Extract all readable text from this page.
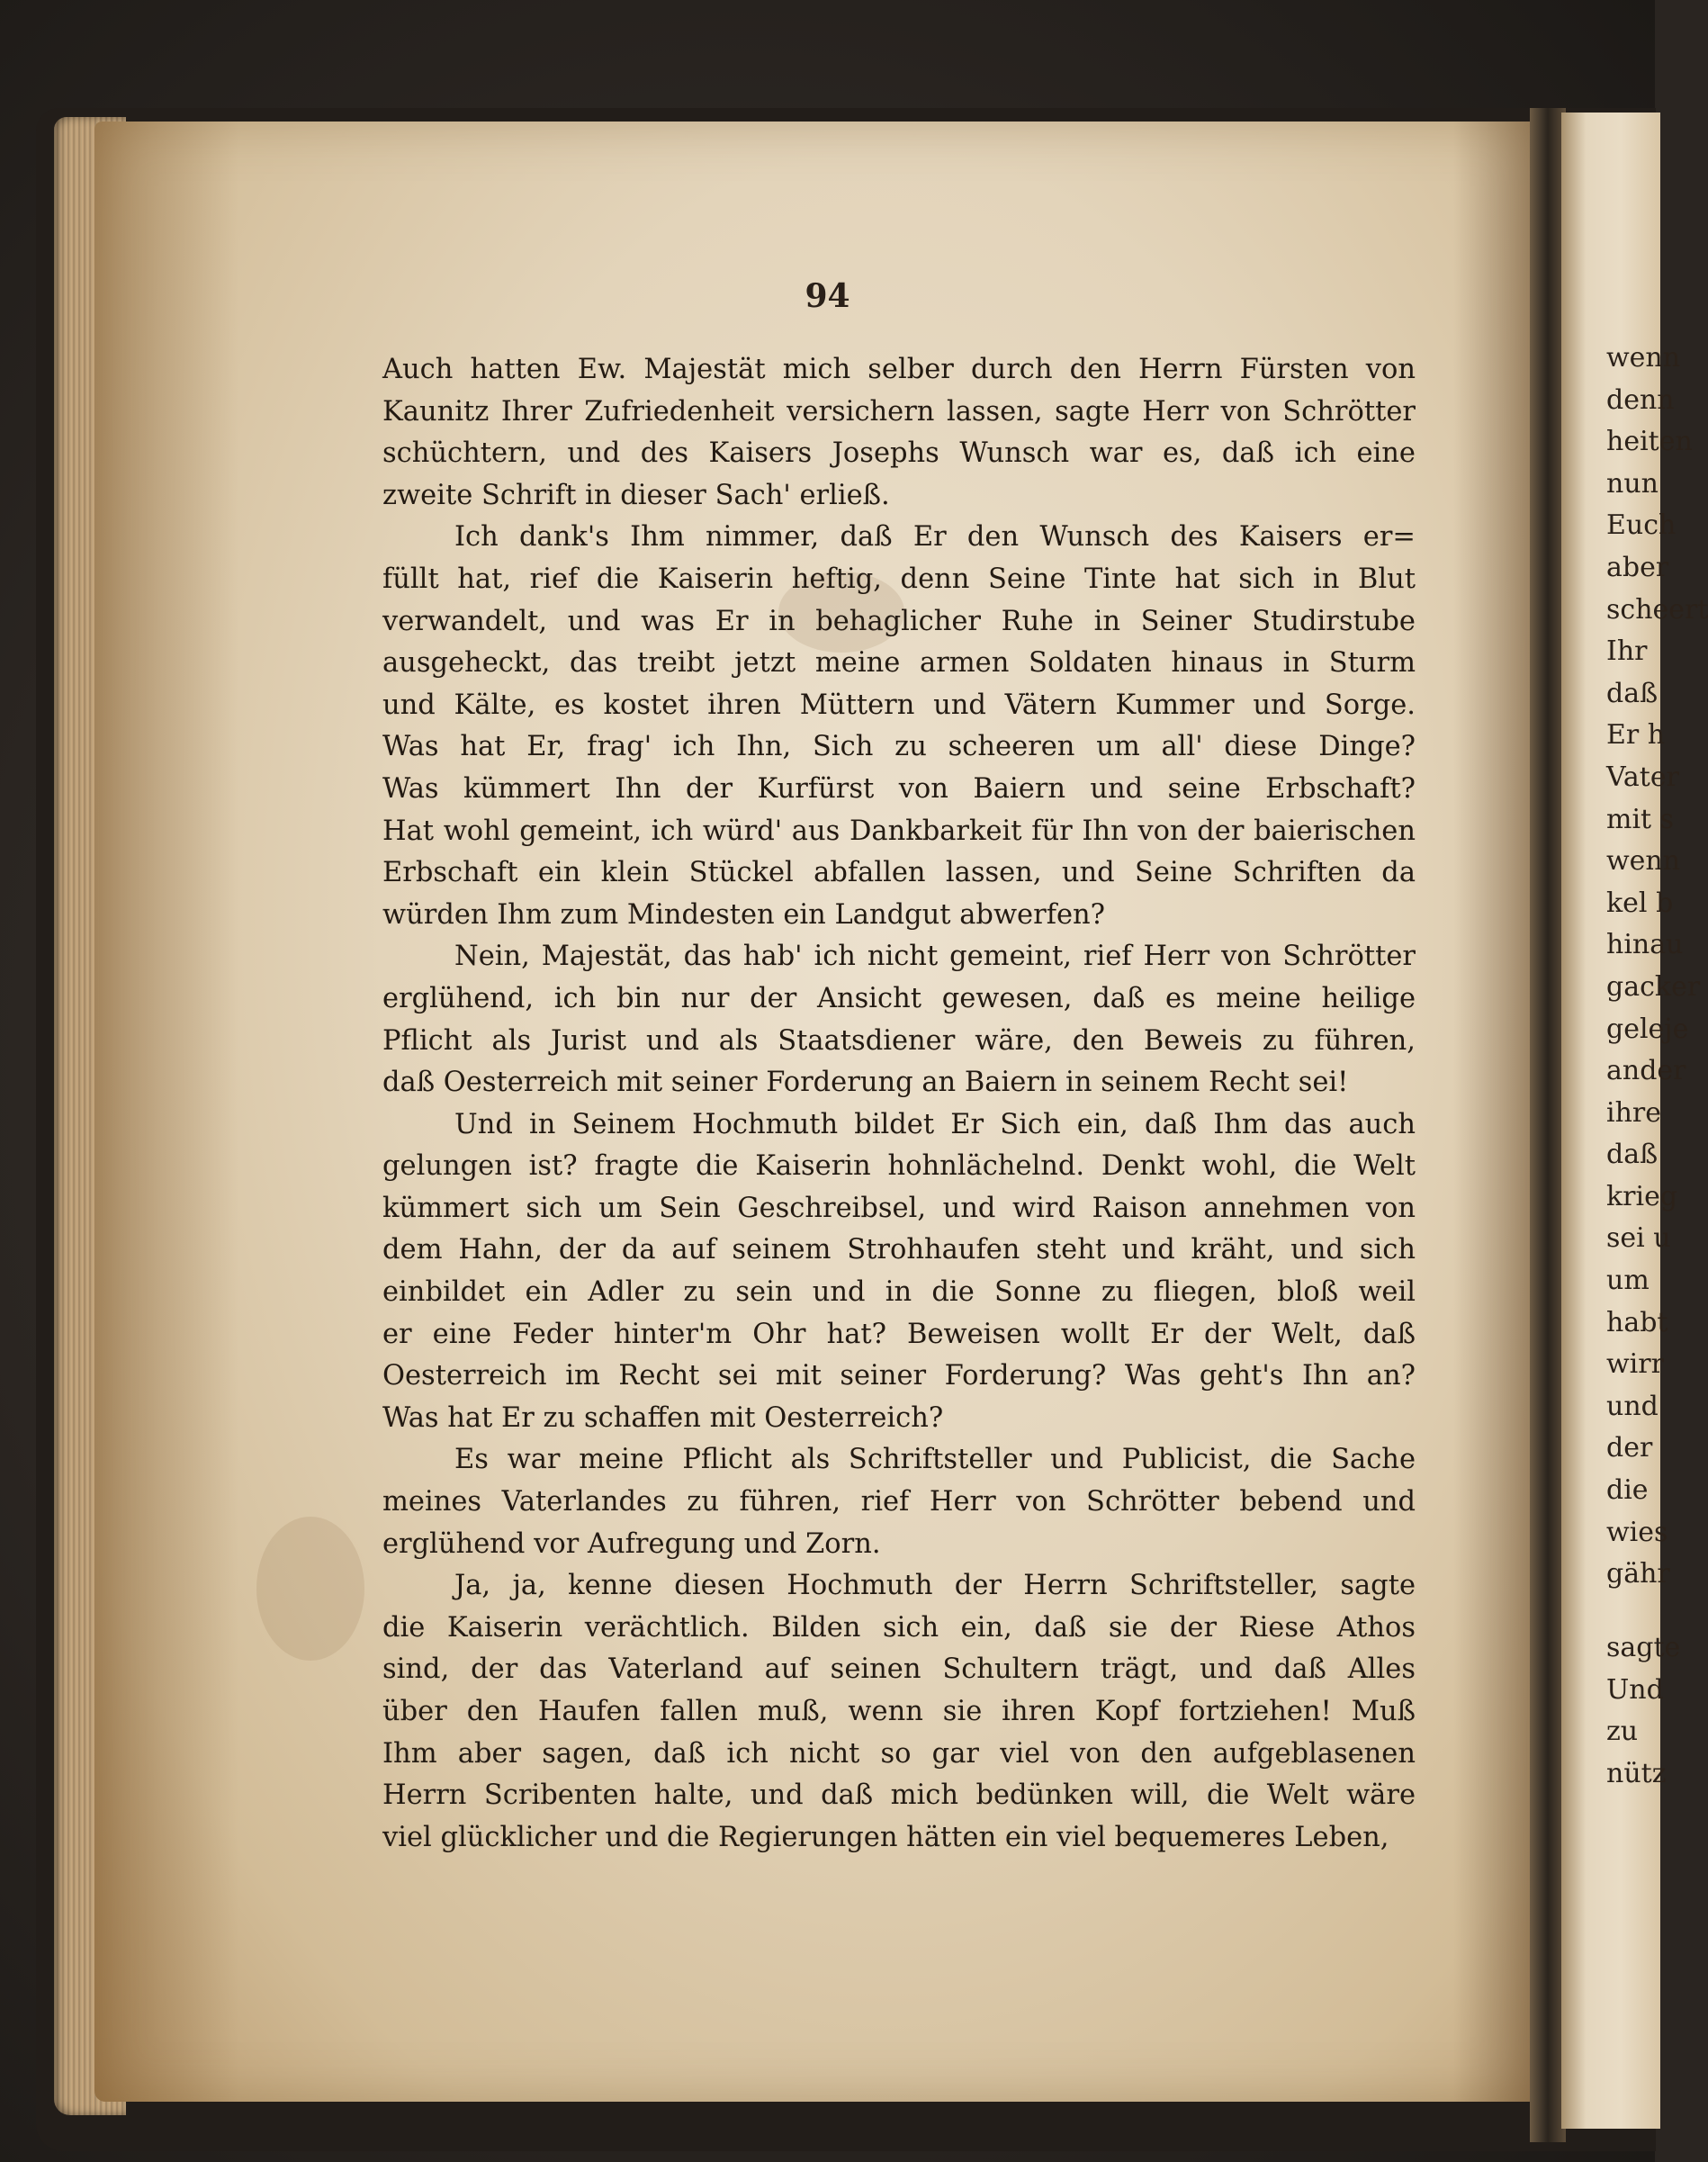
wenn
denn
heiten
nun
Euch
aber
scheert
Ihr
daß
Er h
Vater
mit s
wenn
kel b
hinau
gacker
geleje
ander
ihre
daß
krieg
sei u
um
habt
wirr
und
der
die
wies
gähr
sagte
Und
zu
nütz
94
Auch hatten Ew. Majestät mich selber durch den Herrn Fürsten von
Kaunitz Ihrer Zufriedenheit versichern lassen, sagte Herr von Schrötter
schüchtern, und des Kaisers Josephs Wunsch war es, daß ich eine
zweite Schrift in dieser Sach' erließ.
Ich dank's Ihm nimmer, daß Er den Wunsch des Kaisers er=
füllt hat, rief die Kaiserin heftig, denn Seine Tinte hat sich in Blut
verwandelt, und was Er in behaglicher Ruhe in Seiner Studirstube
ausgeheckt, das treibt jetzt meine armen Soldaten hinaus in Sturm
und Kälte, es kostet ihren Müttern und Vätern Kummer und Sorge.
Was hat Er, frag' ich Ihn, Sich zu scheeren um all' diese Dinge?
Was kümmert Ihn der Kurfürst von Baiern und seine Erbschaft?
Hat wohl gemeint, ich würd' aus Dankbarkeit für Ihn von der baierischen
Erbschaft ein klein Stückel abfallen lassen, und Seine Schriften da
würden Ihm zum Mindesten ein Landgut abwerfen?
Nein, Majestät, das hab' ich nicht gemeint, rief Herr von Schrötter
erglühend, ich bin nur der Ansicht gewesen, daß es meine heilige
Pflicht als Jurist und als Staatsdiener wäre, den Beweis zu führen,
daß Oesterreich mit seiner Forderung an Baiern in seinem Recht sei!
Und in Seinem Hochmuth bildet Er Sich ein, daß Ihm das auch
gelungen ist? fragte die Kaiserin hohnlächelnd. Denkt wohl, die Welt
kümmert sich um Sein Geschreibsel, und wird Raison annehmen von
dem Hahn, der da auf seinem Strohhaufen steht und kräht, und sich
einbildet ein Adler zu sein und in die Sonne zu fliegen, bloß weil
er eine Feder hinter'm Ohr hat? Beweisen wollt Er der Welt, daß
Oesterreich im Recht sei mit seiner Forderung? Was geht's Ihn an?
Was hat Er zu schaffen mit Oesterreich?
Es war meine Pflicht als Schriftsteller und Publicist, die Sache
meines Vaterlandes zu führen, rief Herr von Schrötter bebend und
erglühend vor Aufregung und Zorn.
Ja, ja, kenne diesen Hochmuth der Herrn Schriftsteller, sagte
die Kaiserin verächtlich. Bilden sich ein, daß sie der Riese Athos
sind, der das Vaterland auf seinen Schultern trägt, und daß Alles
über den Haufen fallen muß, wenn sie ihren Kopf fortziehen! Muß
Ihm aber sagen, daß ich nicht so gar viel von den aufgeblasenen
Herrn Scribenten halte, und daß mich bedünken will, die Welt wäre
viel glücklicher und die Regierungen hätten ein viel bequemeres Leben,
